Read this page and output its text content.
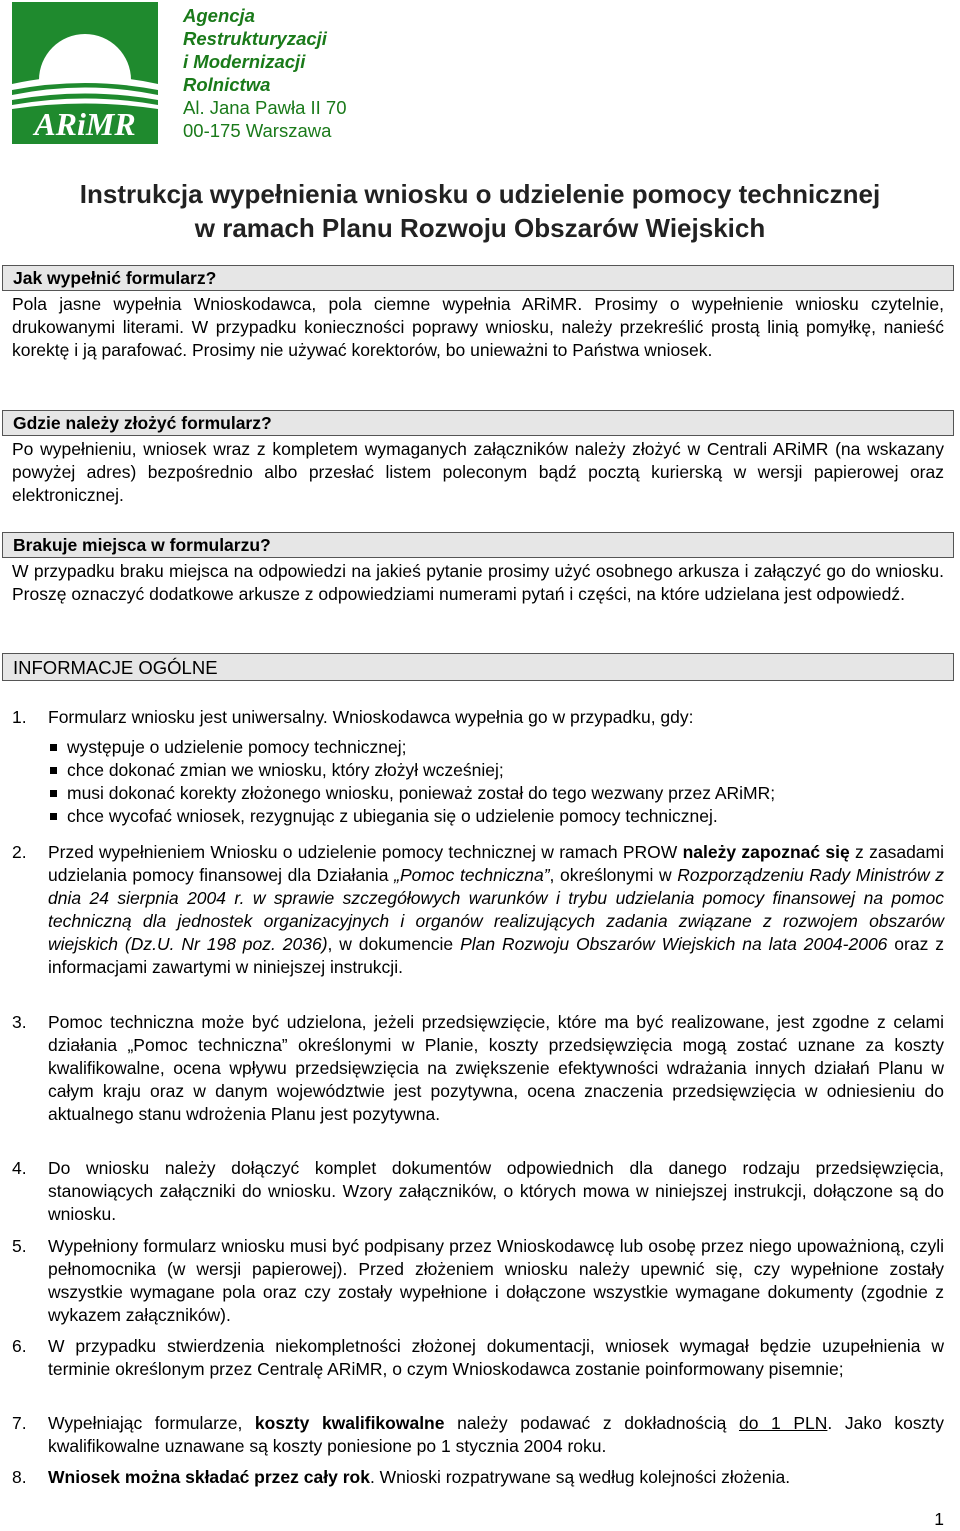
ARiMR
Agencja
Restrukturyzacji
i Modernizacji
Rolnictwa
Al. Jana Pawła II 70
00-175 Warszawa
Instrukcja wypełnienia wniosku o udzielenie pomocy technicznej
w ramach Planu Rozwoju Obszarów Wiejskich
Jak wypełnić formularz?
Pola jasne wypełnia Wnioskodawca, pola ciemne wypełnia ARiMR. Prosimy o wypełnienie wniosku czytelnie, drukowanymi literami. W przypadku konieczności poprawy wniosku, należy przekreślić prostą linią pomyłkę, nanieść korektę i ją parafować. Prosimy nie używać korektorów, bo unieważni to Państwa wniosek.
Gdzie należy złożyć formularz?
Po wypełnieniu, wniosek wraz z kompletem wymaganych załączników należy złożyć w Centrali ARiMR (na wskazany powyżej adres) bezpośrednio albo przesłać listem poleconym bądź pocztą kurierską w wersji papierowej oraz elektronicznej.
Brakuje miejsca w formularzu?
W przypadku braku miejsca na odpowiedzi na jakieś pytanie prosimy użyć osobnego arkusza i załączyć go do wniosku. Proszę oznaczyć dodatkowe arkusze z odpowiedziami numerami pytań i części, na które udzielana jest odpowiedź.
INFORMACJE OGÓLNE
1. Formularz wniosku jest uniwersalny. Wnioskodawca wypełnia go w przypadku, gdy:
występuje o udzielenie pomocy technicznej;
chce dokonać zmian we wniosku, który złożył wcześniej;
musi dokonać korekty złożonego wniosku, ponieważ został do tego wezwany przez ARiMR;
chce wycofać wniosek, rezygnując z ubiegania się o udzielenie pomocy technicznej.
2. Przed wypełnieniem Wniosku o udzielenie pomocy technicznej w ramach PROW należy zapoznać się z zasadami udzielania pomocy finansowej dla Działania „Pomoc techniczna”, określonymi w Rozporządzeniu Rady Ministrów z dnia 24 sierpnia 2004 r. w sprawie szczegółowych warunków i trybu udzielania pomocy finansowej na pomoc techniczną dla jednostek organizacyjnych i organów realizujących zadania związane z rozwojem obszarów wiejskich (Dz.U. Nr 198 poz. 2036), w dokumencie Plan Rozwoju Obszarów Wiejskich na lata 2004-2006 oraz z informacjami zawartymi w niniejszej instrukcji.
3. Pomoc techniczna może być udzielona, jeżeli przedsięwzięcie, które ma być realizowane, jest zgodne z celami działania „Pomoc techniczna” określonymi w Planie, koszty przedsięwzięcia mogą zostać uznane za koszty kwalifikowalne, ocena wpływu przedsięwzięcia na zwiększenie efektywności wdrażania innych działań Planu w całym kraju oraz w danym województwie jest pozytywna, ocena znaczenia przedsięwzięcia w odniesieniu do aktualnego stanu wdrożenia Planu jest pozytywna.
4. Do wniosku należy dołączyć komplet dokumentów odpowiednich dla danego rodzaju przedsięwzięcia, stanowiących załączniki do wniosku. Wzory załączników, o których mowa w niniejszej instrukcji, dołączone są do wniosku.
5. Wypełniony formularz wniosku musi być podpisany przez Wnioskodawcę lub osobę przez niego upoważnioną, czyli pełnomocnika (w wersji papierowej). Przed złożeniem wniosku należy upewnić się, czy wypełnione zostały wszystkie wymagane pola oraz czy zostały wypełnione i dołączone wszystkie wymagane dokumenty (zgodnie z wykazem załączników).
6. W przypadku stwierdzenia niekompletności złożonej dokumentacji, wniosek wymagał będzie uzupełnienia w terminie określonym przez Centralę ARiMR, o czym Wnioskodawca zostanie poinformowany pisemnie;
7. Wypełniając formularze, koszty kwalifikowalne należy podawać z dokładnością do 1 PLN. Jako koszty kwalifikowalne uznawane są koszty poniesione po 1 stycznia 2004 roku.
8. Wniosek można składać przez cały rok. Wnioski rozpatrywane są według kolejności złożenia.
1
